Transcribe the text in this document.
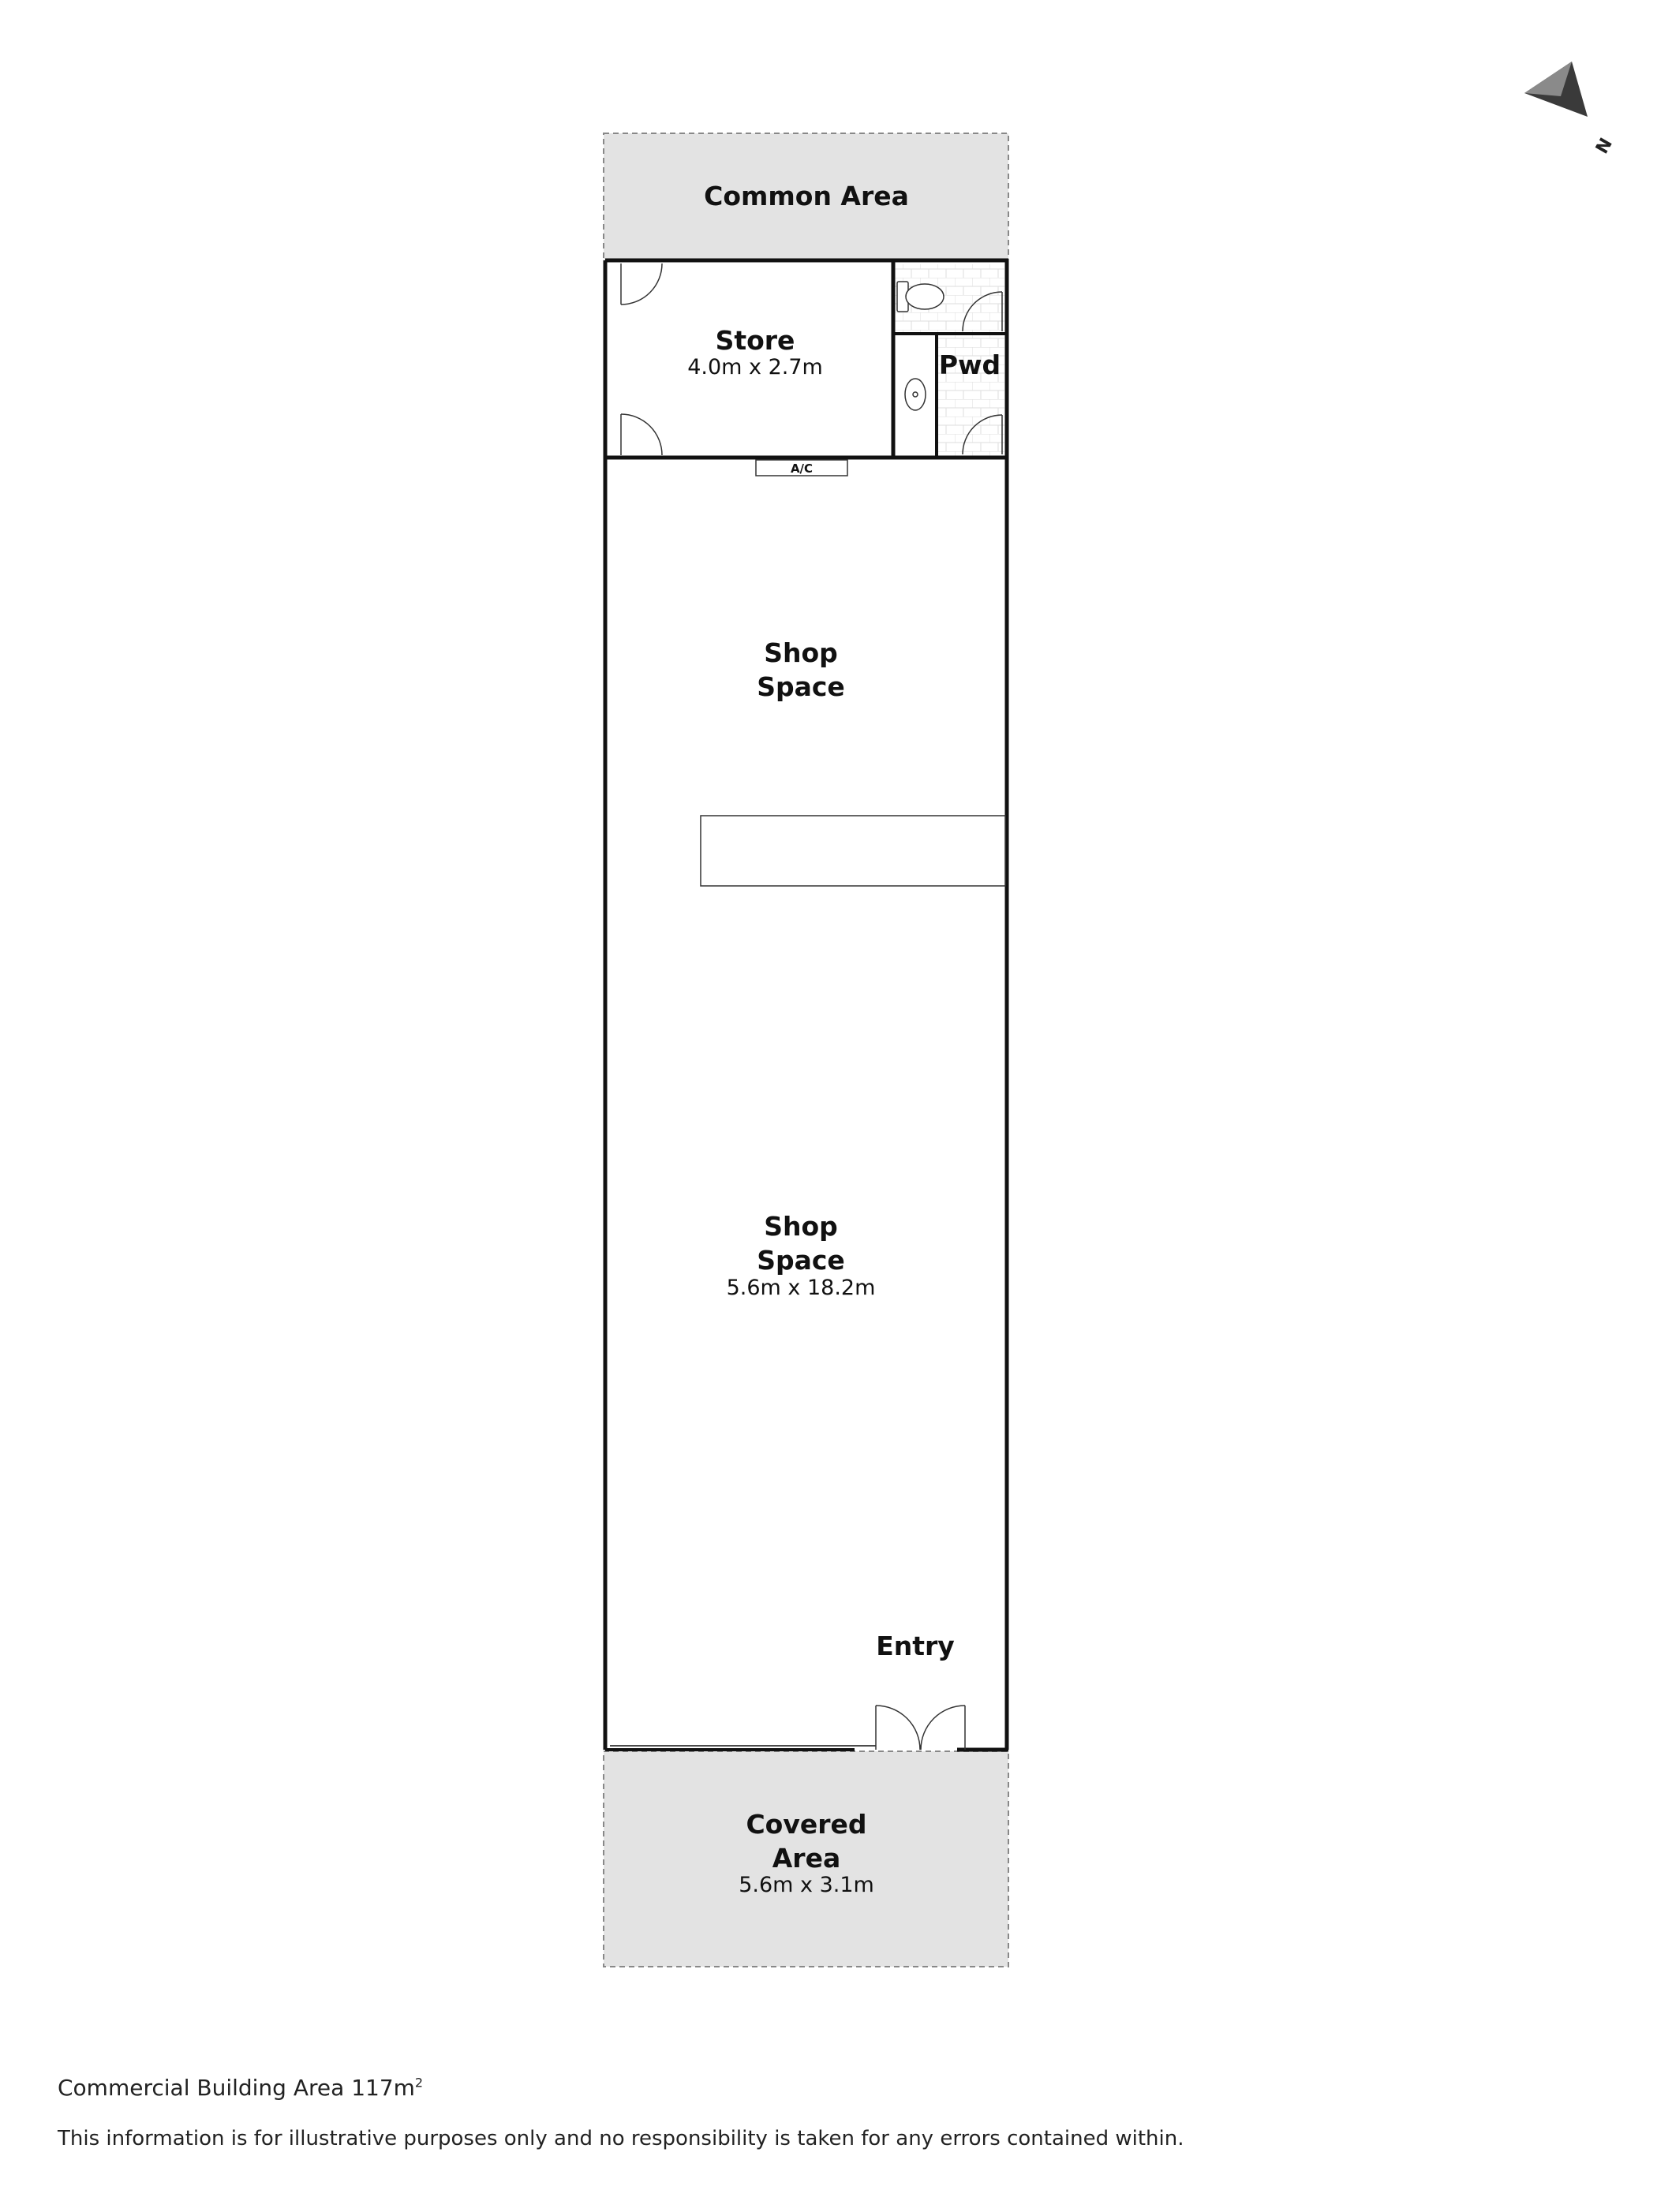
Common Area
Covered
Area
5.6m x 3.1m
A/C
Store
4.0m x 2.7m	Pwd
Shop
Space
Shop
Space
5.6m x 18.2m
Entry
N
Commercial Building Area $117m^2$
This information is for illustrative purposes only and no responsibility is taken for any errors contained within.
